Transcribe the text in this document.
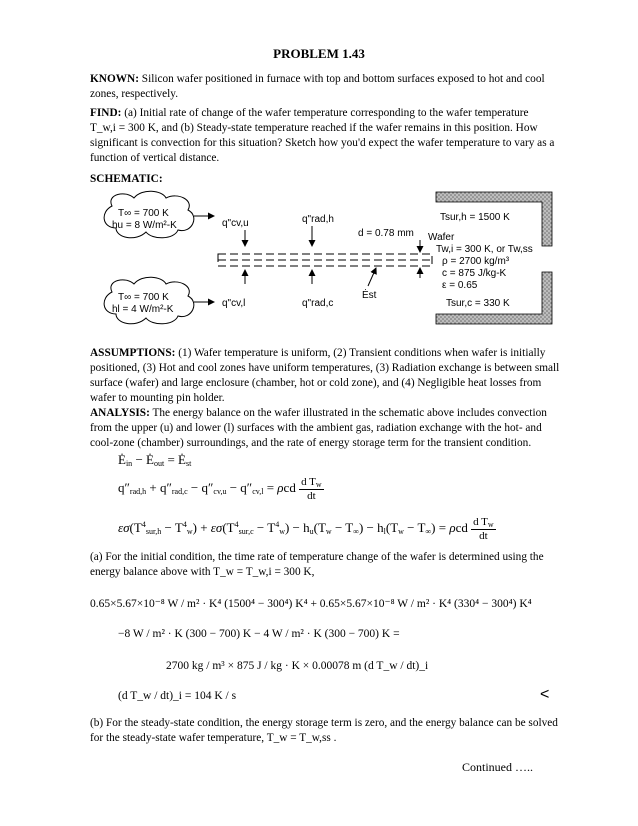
PROBLEM 1.43
KNOWN: Silicon wafer positioned in furnace with top and bottom surfaces exposed to hot and cool zones, respectively.
FIND: (a) Initial rate of change of the wafer temperature corresponding to the wafer temperature
T_w,i = 300 K, and (b) Steady-state temperature reached if the wafer remains in this position. How
significant is convection for this situation? Sketch how you'd expect the wafer temperature to vary as a function of vertical distance.
SCHEMATIC:
T∞ = 700 K
hu = 8 W/m²-K
T∞ = 700 K
hl = 4 W/m²-K
q"cv,u	q"rad,h
q"cv,l	q"rad,c
d = 0.78 mm
Ėst
Tsur,h = 1500 K
Tsur,c = 330 K
Wafer
Tw,i = 300 K, or Tw,ss
ρ = 2700 kg/m³
c = 875 J/kg-K
ε = 0.65
ASSUMPTIONS: (1) Wafer temperature is uniform, (2) Transient conditions when wafer is initially positioned, (3) Hot and cool zones have uniform temperatures, (3) Radiation exchange is between small surface (wafer) and large enclosure (chamber, hot or cold zone), and (4) Negligible heat losses from wafer to mounting pin holder.
ANALYSIS: The energy balance on the wafer illustrated in the schematic above includes convection from the upper (u) and lower (l) surfaces with the ambient gas, radiation exchange with the hot- and cool-zone (chamber) surroundings, and the rate of energy storage term for the transient condition.
$Ė_{in}$ − $Ė_{out}$ = $Ė_{st}$
$q''_{rad,h} + q''_{rad,c} - q''_{cv,u} - q''_{cv,l} = \rho cd \frac{d T_w}{dt}$
$\varepsilon\sigma(T^4_{sur,h} - T^4_w) + \varepsilon\sigma(T^4_{sur,c} - T^4_w) - h_u(T_w - T_\infty) - h_l(T_w - T_\infty) = \rho cd \frac{d T_w}{dt}$
(a) For the initial condition, the time rate of temperature change of the wafer is determined using the energy balance above with T_w = T_w,i = 300 K,
0.65×5.67×10⁻⁸ W / m² · K⁴ (1500⁴ − 300⁴) K⁴ + 0.65×5.67×10⁻⁸ W / m² · K⁴ (330⁴ − 300⁴) K⁴
−8 W / m² · K (300 − 700) K − 4 W / m² · K (300 − 700) K =
2700 kg / m³ × 875 J / kg · K × 0.00078 m (d T_w / dt)_i
(d T_w / dt)_i = 104 K / s	<
(b) For the steady-state condition, the energy storage term is zero, and the energy balance can be solved for the steady-state wafer temperature, T_w = T_w,ss .
Continued …..
